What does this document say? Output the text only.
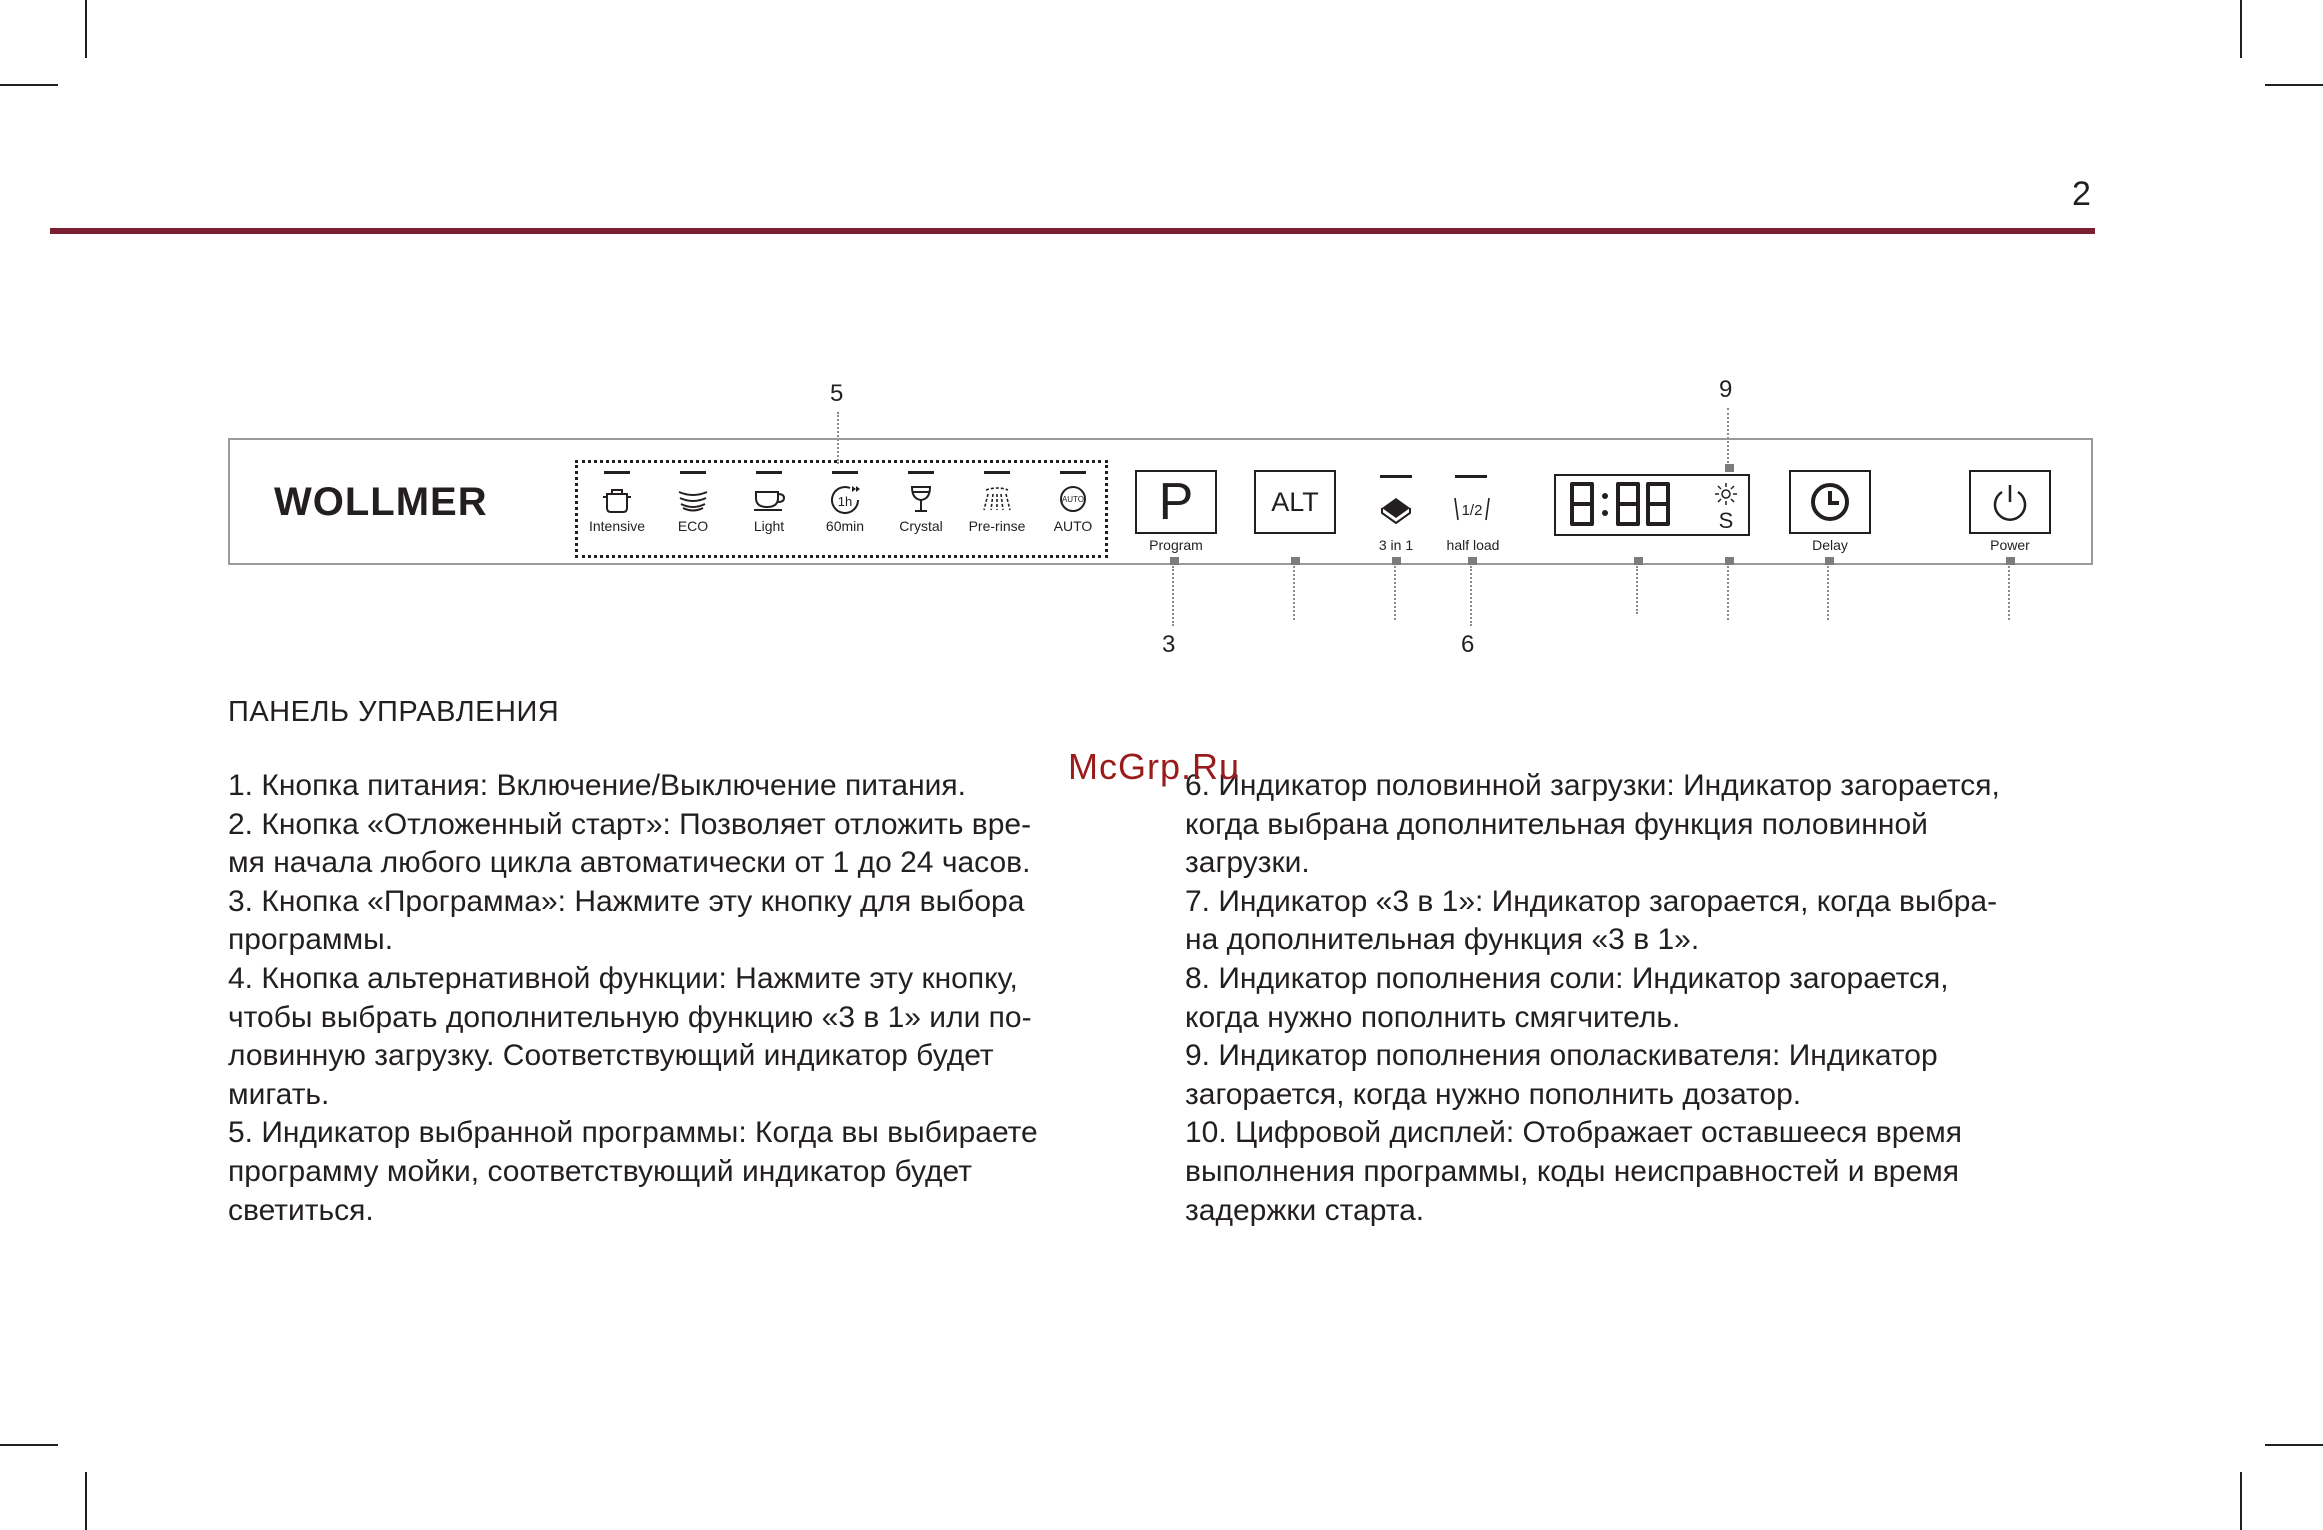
2
5	9
3	6
WOLLMER
Intensive	ECO	Light
1h
60min	Crystal	Pre-rinse
AUTO
AUTO	P
Program
ALT
3 in 1
1/2
half load
S
Delay	Power
ПАНЕЛЬ УПРАВЛЕНИЯ

1. Кнопка питания: Включение/Выключение питания.

2. Кнопка «Отложенный старт»: Позволяет отложить вре-

мя начала любого цикла автоматически от 1 до 24 часов.

3. Кнопка «Программа»: Нажмите эту кнопку для выбора

программы.

4. Кнопка альтернативной функции: Нажмите эту кнопку,

чтобы выбрать дополнительную функцию «3 в 1» или по-

ловинную загрузку. Соответствующий индикатор будет

мигать.

5. Индикатор выбранной программы: Когда вы выбираете

программу мойки, соответствующий индикатор будет

светиться.

6. Индикатор половинной загрузки: Индикатор загорается,

когда выбрана дополнительная функция половинной

загрузки.

7. Индикатор «3 в 1»: Индикатор загорается, когда выбра-

на дополнительная функция «3 в 1».

8. Индикатор пополнения соли: Индикатор загорается,

когда нужно пополнить смягчитель.

9. Индикатор пополнения ополаскивателя: Индикатор

загорается, когда нужно пополнить дозатор.

10. Цифровой дисплей: Отображает оставшееся время

выполнения программы, коды неисправностей и время

задержки старта.

McGrp.Ru
